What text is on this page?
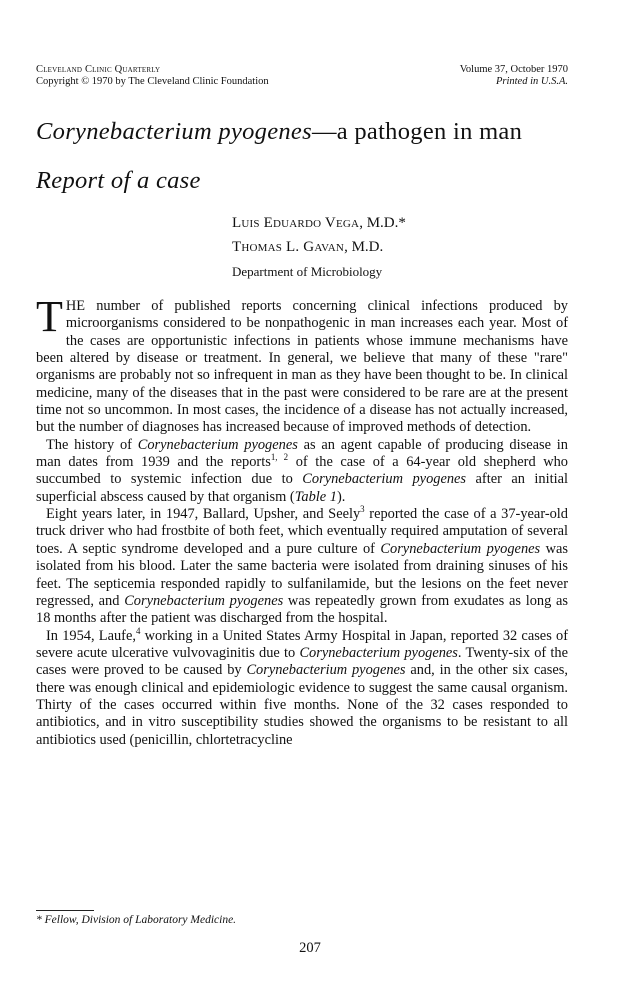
Cleveland Clinic Quarterly
Copyright © 1970 by The Cleveland Clinic Foundation
Volume 37, October 1970
Printed in U.S.A.
Corynebacterium pyogenes—a pathogen in man
Report of a case
Luis Eduardo Vega, M.D.*
Thomas L. Gavan, M.D.
Department of Microbiology

THE number of published reports concerning clinical infections produced by microorganisms considered to be nonpathogenic in man increases each year. Most of the cases are opportunistic infections in patients whose immune mechanisms have been altered by disease or treatment. In general, we believe that many of these "rare" organisms are probably not so infrequent in man as they have been thought to be. In clinical medicine, many of the diseases that in the past were considered to be rare are at the present time not so uncommon. In most cases, the incidence of a disease has not actually increased, but the number of diagnoses has increased because of improved methods of detection.

The history of Corynebacterium pyogenes as an agent capable of producing disease in man dates from 1939 and the reports$^{1, 2}$ of the case of a 64-year old shepherd who succumbed to systemic infection due to Corynebacterium pyogenes after an initial superficial abscess caused by that organism (Table 1).

Eight years later, in 1947, Ballard, Upsher, and Seely$^3$ reported the case of a 37-year-old truck driver who had frostbite of both feet, which eventually required amputation of several toes. A septic syndrome developed and a pure culture of Corynebacterium pyogenes was isolated from his blood. Later the same bacteria were isolated from draining sinuses of his feet. The septicemia responded rapidly to sulfanilamide, but the lesions on the feet never regressed, and Corynebacterium pyogenes was repeatedly grown from exudates as long as 18 months after the patient was discharged from the hospital.

In 1954, Laufe,$^4$ working in a United States Army Hospital in Japan, reported 32 cases of severe acute ulcerative vulvovaginitis due to Corynebacterium pyogenes. Twenty-six of the cases were proved to be caused by Corynebacterium pyogenes and, in the other six cases, there was enough clinical and epidemiologic evidence to suggest the same causal organism. Thirty of the cases occurred within five months. None of the 32 cases responded to antibiotics, and in vitro susceptibility studies showed the organisms to be resistant to all antibiotics used (penicillin, chlortetracycline

* Fellow, Division of Laboratory Medicine.
207
